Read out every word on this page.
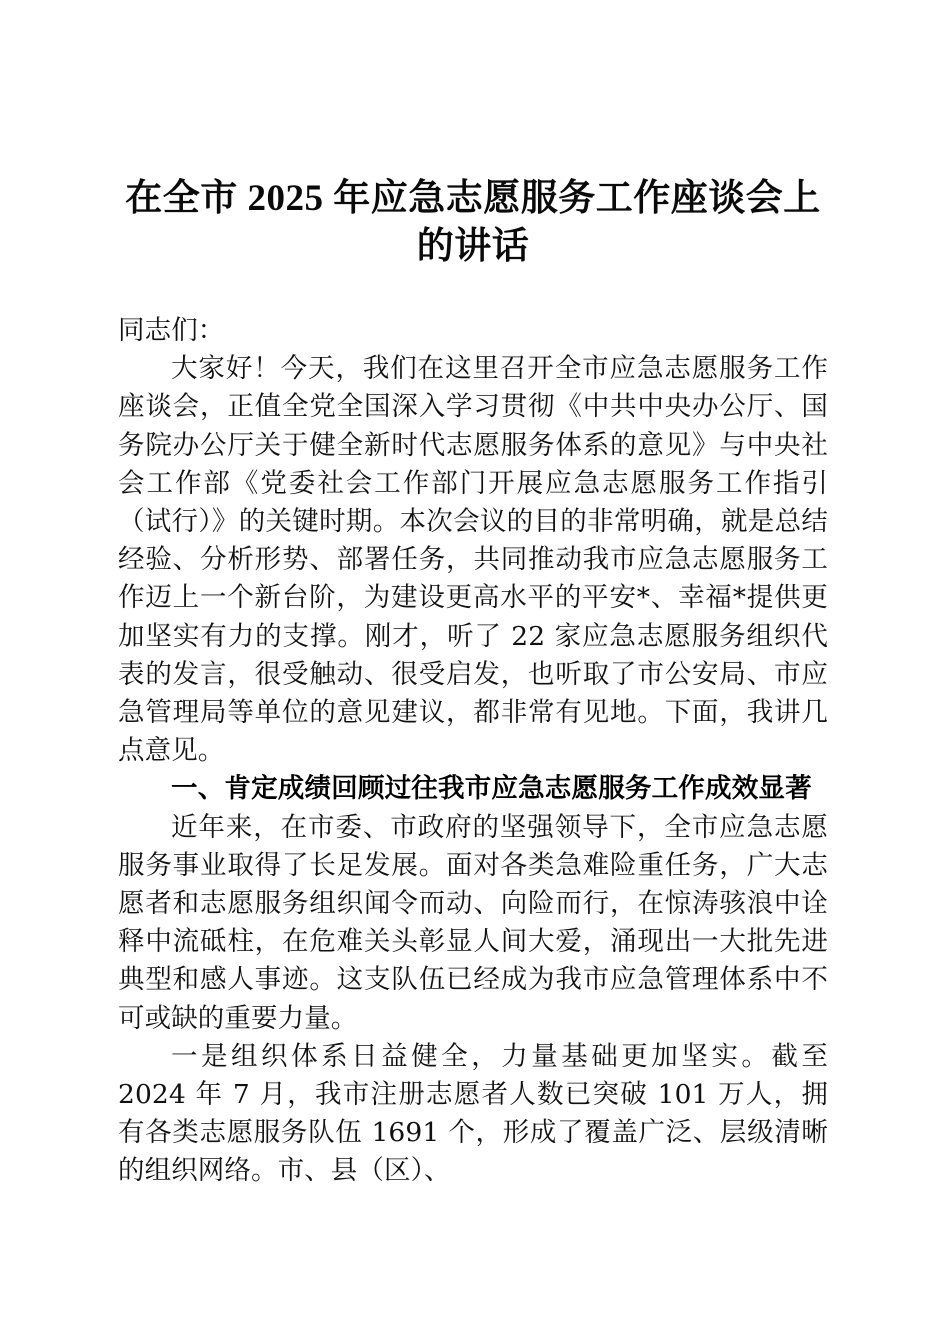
在全市 2025 年应急志愿服务工作座谈会上的讲话

同志们：

大家好！今天，我们在这里召开全市应急志愿服务工作座谈会，正值全党全国深入学习贯彻《中共中央办公厅、国务院办公厅关于健全新时代志愿服务体系的意见》与中央社会工作部《党委社会工作部门开展应急志愿服务工作指引（试行）》的关键时期。本次会议的目的非常明确，就是总结经验、分析形势、部署任务，共同推动我市应急志愿服务工作迈上一个新台阶，为建设更高水平的平安*、幸福*提供更加坚实有力的支撑。刚才，听了 22 家应急志愿服务组织代表的发言，很受触动、很受启发，也听取了市公安局、市应急管理局等单位的意见建议，都非常有见地。下面，我讲几点意见。

一、肯定成绩回顾过往我市应急志愿服务工作成效显著

近年来，在市委、市政府的坚强领导下，全市应急志愿服务事业取得了长足发展。面对各类急难险重任务，广大志愿者和志愿服务组织闻令而动、向险而行，在惊涛骇浪中诠释中流砥柱，在危难关头彰显人间大爱，涌现出一大批先进典型和感人事迹。这支队伍已经成为我市应急管理体系中不可或缺的重要力量。

一是组织体系日益健全，力量基础更加坚实。截至 2024 年 7 月，我市注册志愿者人数已突破 101 万人，拥有各类志愿服务队伍 1691 个，形成了覆盖广泛、层级清晰的组织网络。市、县（区）、
